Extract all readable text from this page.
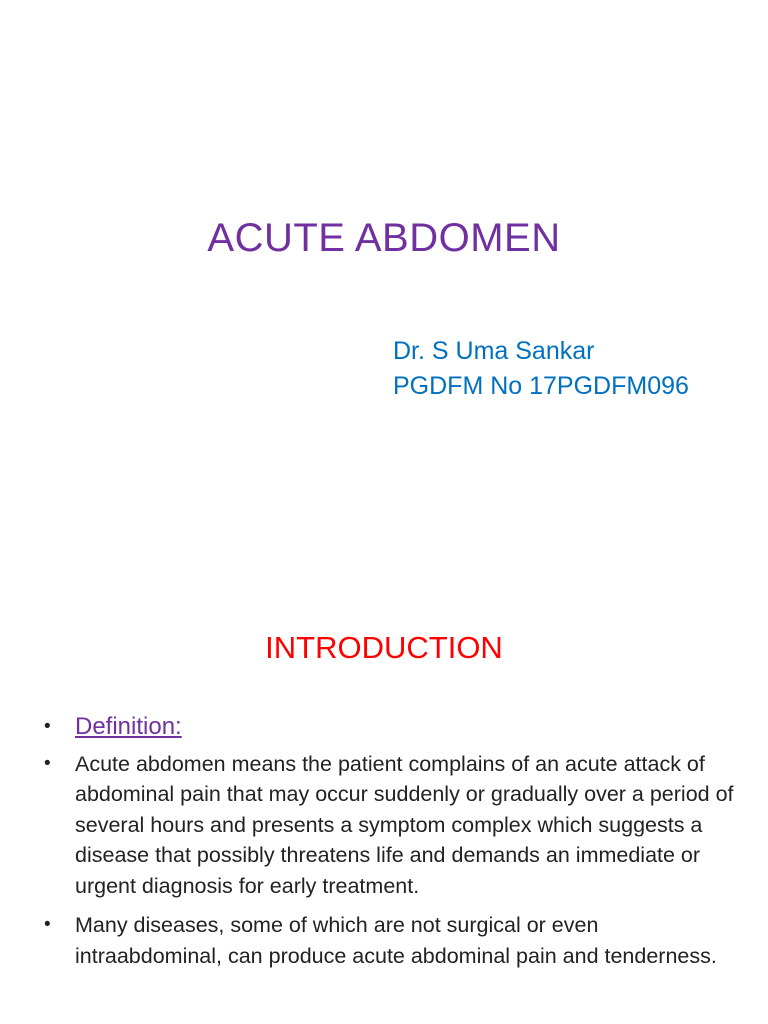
ACUTE ABDOMEN
Dr. S Uma Sankar
PGDFM No 17PGDFM096
INTRODUCTION
• Definition:
• Acute abdomen means the patient complains of an acute attack of abdominal pain that may occur suddenly or gradually over a period of several hours and presents a symptom complex which suggests a disease that possibly threatens life and demands an immediate or urgent diagnosis for early treatment.
• Many diseases, some of which are not surgical or even intraabdominal, can produce acute abdominal pain and tenderness.
